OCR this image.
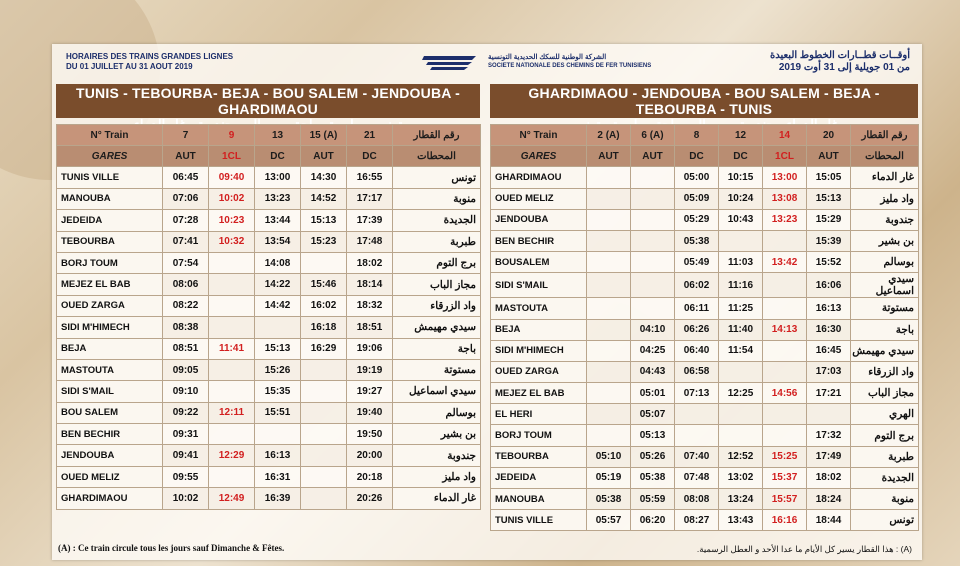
HORAIRES DES TRAINS GRANDES LIGNES
DU 01 JUILLET AU 31 AOUT 2019
الشركة الوطنية للسكك الحديدية التونسية
SOCIETE NATIONALE DES CHEMINS DE FER TUNISIENS
أوقــات قطــارات الخطوط البعيدة
من 01 جويلية إلى 31 أوت 2019
TUNIS - TEBOURBA- BEJA - BOU SALEM - JENDOUBA - GHARDIMAOU
GHARDIMAOU - JENDOUBA - BOU SALEM - BEJA - TEBOURBA - TUNIS
N° Train	7	9	13	15 (A)	21	رقم القطار
GARES	AUT	1CL	DC	AUT	DC	المحطات
TUNIS VILLE	06:45	09:40	13:00	14:30	16:55	تونس
MANOUBA	07:06	10:02	13:23	14:52	17:17	منوبة
JEDEIDA	07:28	10:23	13:44	15:13	17:39	الجديدة
TEBOURBA	07:41	10:32	13:54	15:23	17:48	طبربة
BORJ TOUM	07:54		14:08		18:02	برج التوم
MEJEZ EL BAB	08:06		14:22	15:46	18:14	مجاز الباب
OUED ZARGA	08:22		14:42	16:02	18:32	واد الزرقاء
SIDI M'HIMECH	08:38			16:18	18:51	سيدي مهيمش
BEJA	08:51	11:41	15:13	16:29	19:06	باجة
MASTOUTA	09:05		15:26		19:19	مستوتة
SIDI S'MAIL	09:10		15:35		19:27	سيدي اسماعيل
BOU SALEM	09:22	12:11	15:51		19:40	بوسالم
BEN BECHIR	09:31				19:50	بن بشير
JENDOUBA	09:41	12:29	16:13		20:00	جندوبة
OUED MELIZ	09:55		16:31		20:18	واد مليز
GHARDIMAOU	10:02	12:49	16:39		20:26	غار الدماء
N° Train	2 (A)	6 (A)	8	12	14	20	رقم القطار
GARES	AUT	AUT	DC	DC	1CL	AUT	المحطات
GHARDIMAOU			05:00	10:15	13:00	15:05	غار الدماء
OUED MELIZ			05:09	10:24	13:08	15:13	واد مليز
JENDOUBA			05:29	10:43	13:23	15:29	جندوبة
BEN BECHIR			05:38			15:39	بن بشير
BOUSALEM			05:49	11:03	13:42	15:52	بوسالم
SIDI S'MAIL			06:02	11:16		16:06	سيدي اسماعيل
MASTOUTA			06:11	11:25		16:13	مستوتة
BEJA		04:10	06:26	11:40	14:13	16:30	باجة
SIDI M'HIMECH		04:25	06:40	11:54		16:45	سيدي مهيمش
OUED ZARGA		04:43	06:58			17:03	واد الزرقاء
MEJEZ EL BAB		05:01	07:13	12:25	14:56	17:21	مجاز الباب
EL HERI		05:07					الهري
BORJ TOUM		05:13				17:32	برج التوم
TEBOURBA	05:10	05:26	07:40	12:52	15:25	17:49	طبربة
JEDEIDA	05:19	05:38	07:48	13:02	15:37	18:02	الجديدة
MANOUBA	05:38	05:59	08:08	13:24	15:57	18:24	منوبة
TUNIS VILLE	05:57	06:20	08:27	13:43	16:16	18:44	تونس
(A) : Ce train circule tous les jours sauf Dimanche & Fêtes.	(A) : هذا القطار يسير كل الأيام ما عدا الأحد و العطل الرسمية.
